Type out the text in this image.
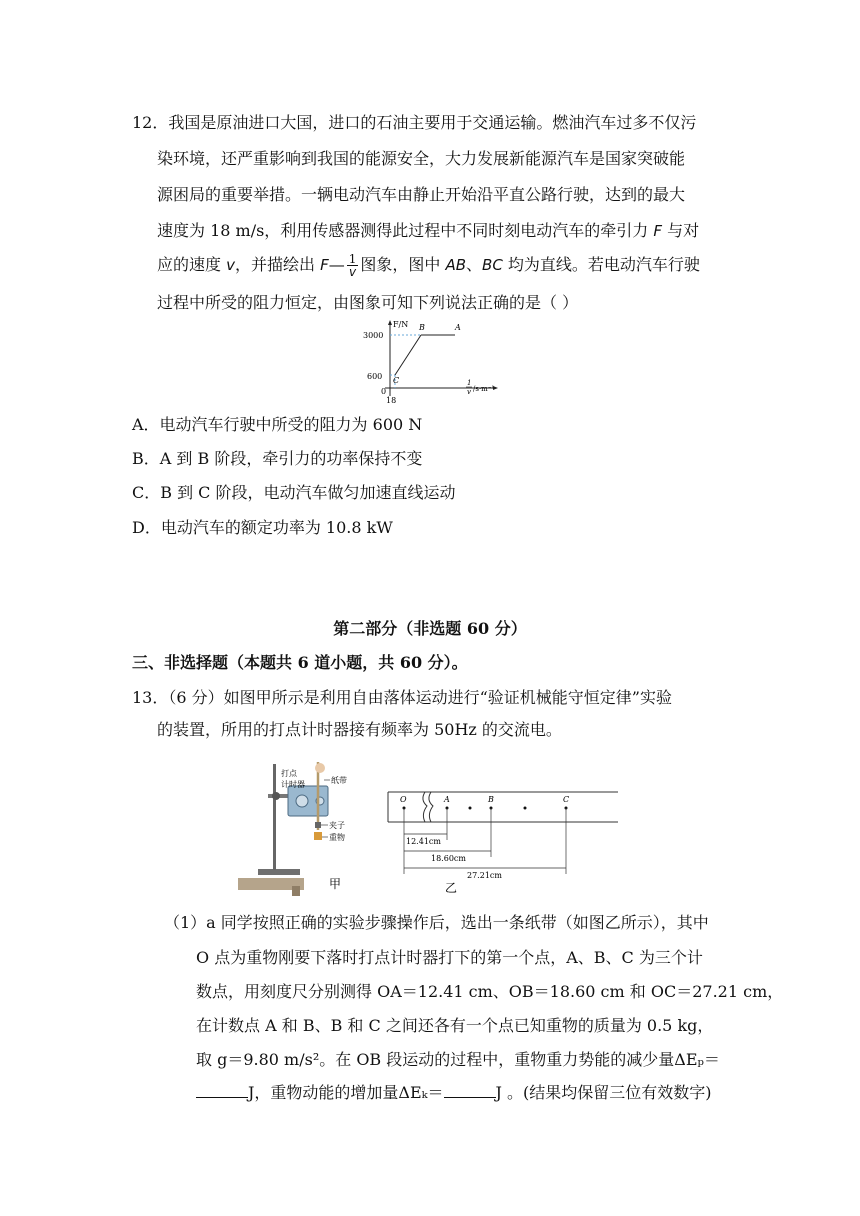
12．我国是原油进口大国，进口的石油主要用于交通运输。燃油汽车过多不仅污
染环境，还严重影响到我国的能源安全，大力发展新能源汽车是国家突破能
源困局的重要举措。一辆电动汽车由静止开始沿平直公路行驶，达到的最大
速度为 18 m/s，利用传感器测得此过程中不同时刻电动汽车的牵引力 F 与对
应的速度 v，并描绘出 F— $\frac{1}{v}$ 图象，图中 AB、BC 均为直线。若电动汽车行驶
过程中所受的阻力恒定，由图象可知下列说法正确的是（ ）
F/N
3000
600
0
18
B	A
C	1
v /s·m⁻¹
A．电动汽车行驶中所受的阻力为 600 N
B．A 到 B 阶段，牵引力的功率保持不变
C．B 到 C 阶段，电动汽车做匀加速直线运动
D．电动汽车的额定功率为 10.8 kW
第二部分（非选题 60 分）
三、非选择题（本题共 6 道小题，共 60 分）。
13．（6 分）如图甲所示是利用自由落体运动进行“验证机械能守恒定律”实验
的装置，所用的打点计时器接有频率为 50Hz 的交流电。
打点
计时器	纸带
夹子
重物
甲
O	A	B	C
12.41cm
18.60cm
27.21cm
乙
（1）a 同学按照正确的实验步骤操作后，选出一条纸带（如图乙所示），其中
O 点为重物刚要下落时打点计时器打下的第一个点，A、B、C 为三个计
数点，用刻度尺分别测得 OA＝12.41 cm、OB＝18.60 cm 和 OC＝27.21 cm，
在计数点 A 和 B、B 和 C 之间还各有一个点已知重物的质量为 0.5 kg，
取 g＝9.80 m/s²。在 OB 段运动的过程中，重物重力势能的减少量ΔEₚ＝
J，重物动能的增加量ΔEₖ＝	J 。(结果均保留三位有效数字)
